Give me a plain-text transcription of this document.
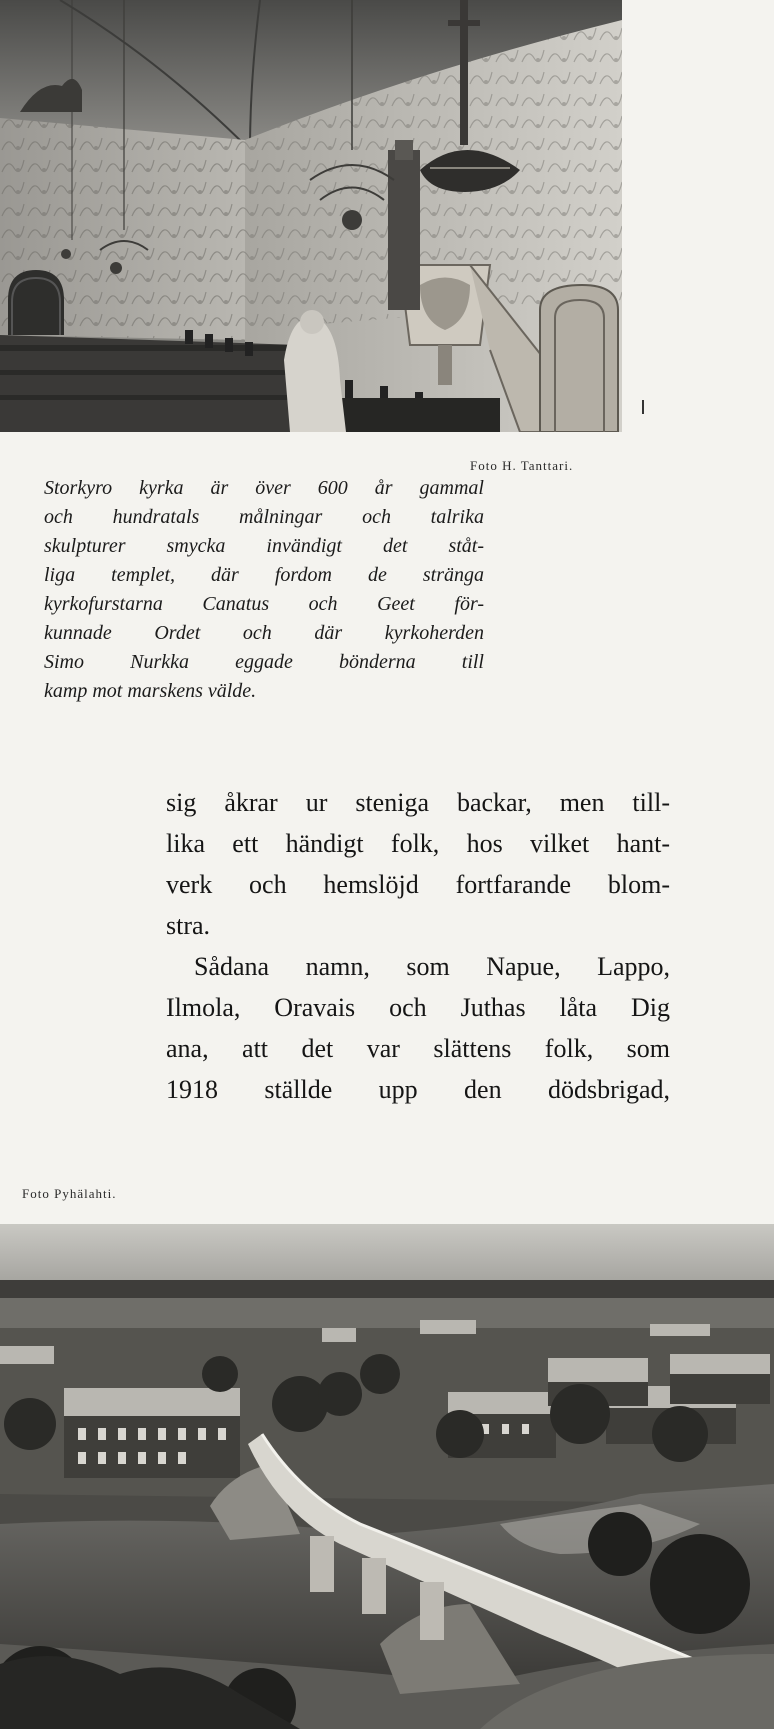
Foto H. Tanttari.
Storkyro kyrka är över 600 år gammal
och hundratals målningar och talrika
skulpturer smycka invändigt det ståt-
liga templet, där fordom de stränga
kyrkofurstarna Canatus och Geet för-
kunnade Ordet och där kyrkoherden
Simo Nurkka eggade bönderna till
kamp mot marskens välde.
sig åkrar ur steniga backar, men till-
lika ett händigt folk, hos vilket hant-
verk och hemslöjd fortfarande blom-
stra.
Sådana namn, som Napue, Lappo,
Ilmola, Oravais och Juthas låta Dig
ana, att det var slättens folk, som
1918 ställde upp den dödsbrigad,
Foto Pyhälahti.
